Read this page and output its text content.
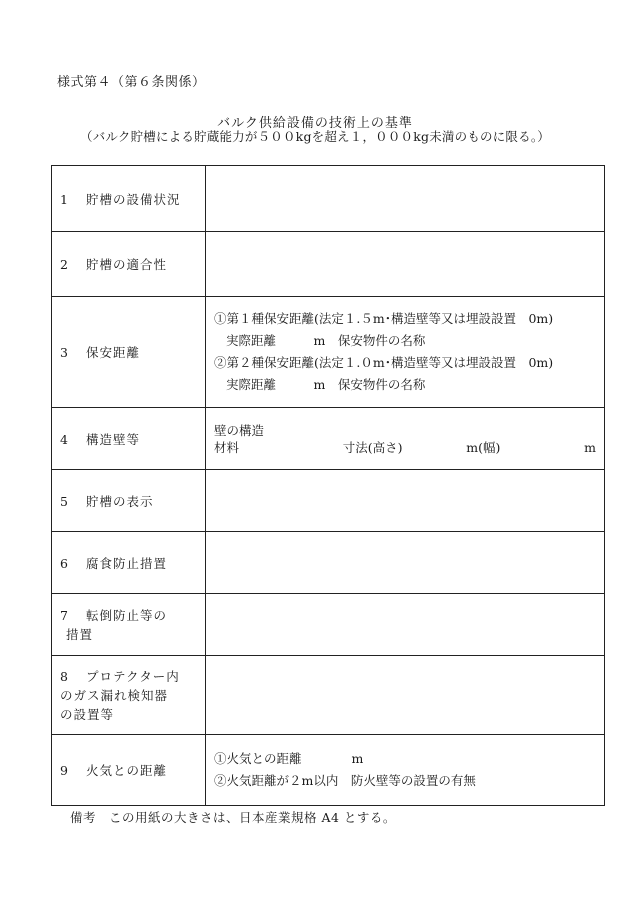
様式第４（第６条関係）
バルク供給設備の技術上の基準
（バルク貯槽による貯蔵能力が５００kgを超え１，０００kg未満のものに限る。）
1 貯槽の設備状況	
2 貯槽の適合性	
3 保安距離	①第１種保安距離(法定１.５m･構造壁等又は埋設設置　0m)
実際距離　　　m　保安物件の名称
②第２種保安距離(法定１.０m･構造壁等又は埋設設置　0m)
実際距離　　　m　保安物件の名称

4 構造壁等	壁の構造
材料 寸法(高さ) m(幅) m

5 貯槽の表示	
6 腐食防止措置	

7 転倒防止等の
措置	

8 プロテクター内
のガス漏れ検知器
の設置等	

9 火気との距離	①火気との距離　　　　m
②火気距離が２m以内　防火壁等の設置の有無
備考　この用紙の大きさは、日本産業規格 A4 とする。
